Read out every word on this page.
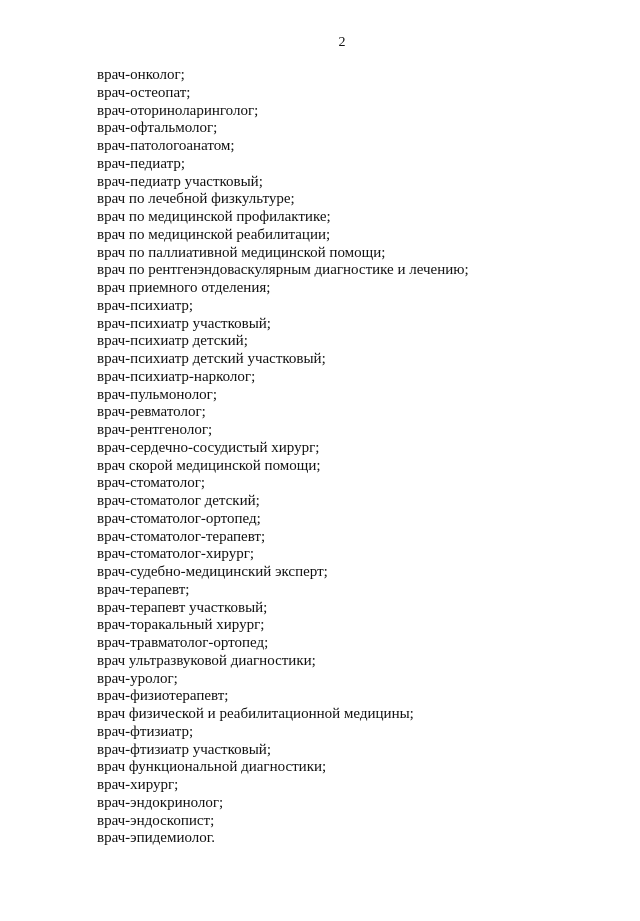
2
врач-онколог;
врач-остеопат;
врач-оториноларинголог;
врач-офтальмолог;
врач-патологоанатом;
врач-педиатр;
врач-педиатр участковый;
врач по лечебной физкультуре;
врач по медицинской профилактике;
врач по медицинской реабилитации;
врач по паллиативной медицинской помощи;
врач по рентгенэндоваскулярным диагностике и лечению;
врач приемного отделения;
врач-психиатр;
врач-психиатр участковый;
врач-психиатр детский;
врач-психиатр детский участковый;
врач-психиатр-нарколог;
врач-пульмонолог;
врач-ревматолог;
врач-рентгенолог;
врач-сердечно-сосудистый хирург;
врач скорой медицинской помощи;
врач-стоматолог;
врач-стоматолог детский;
врач-стоматолог-ортопед;
врач-стоматолог-терапевт;
врач-стоматолог-хирург;
врач-судебно-медицинский эксперт;
врач-терапевт;
врач-терапевт участковый;
врач-торакальный хирург;
врач-травматолог-ортопед;
врач ультразвуковой диагностики;
врач-уролог;
врач-физиотерапевт;
врач физической и реабилитационной медицины;
врач-фтизиатр;
врач-фтизиатр участковый;
врач функциональной диагностики;
врач-хирург;
врач-эндокринолог;
врач-эндоскопист;
врач-эпидемиолог.
